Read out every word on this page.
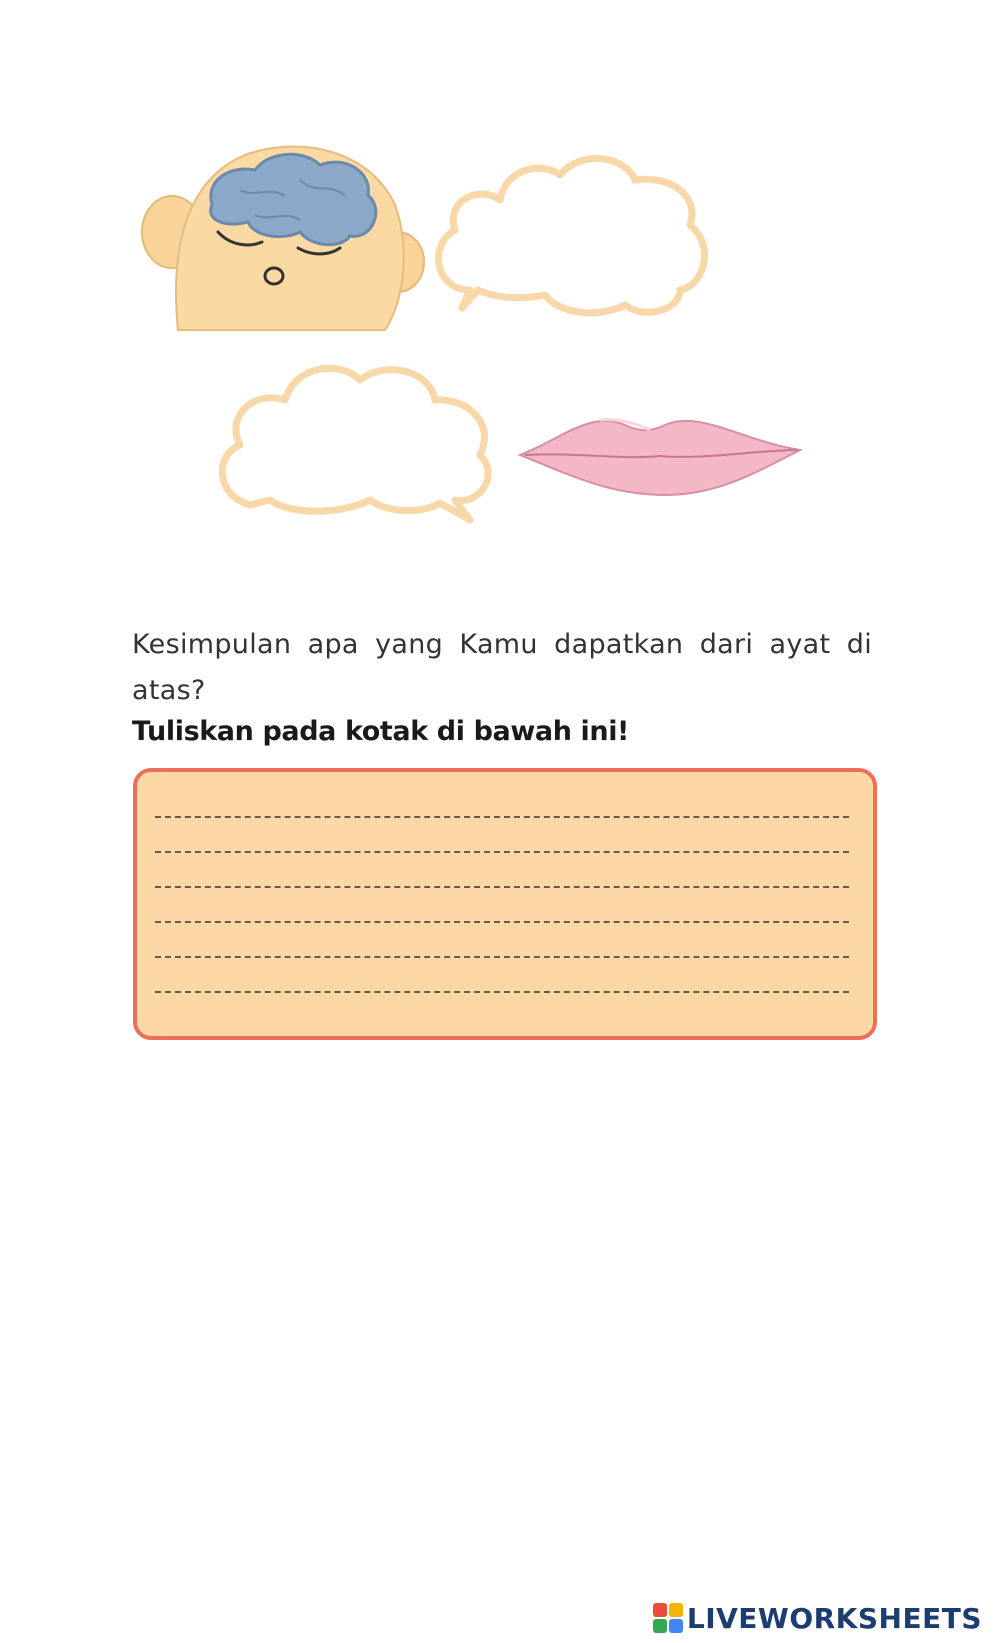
Kesimpulan apa yang Kamu dapatkan dari ayat di atas?
Tuliskan pada kotak di bawah ini!
LIVEWORKSHEETS
